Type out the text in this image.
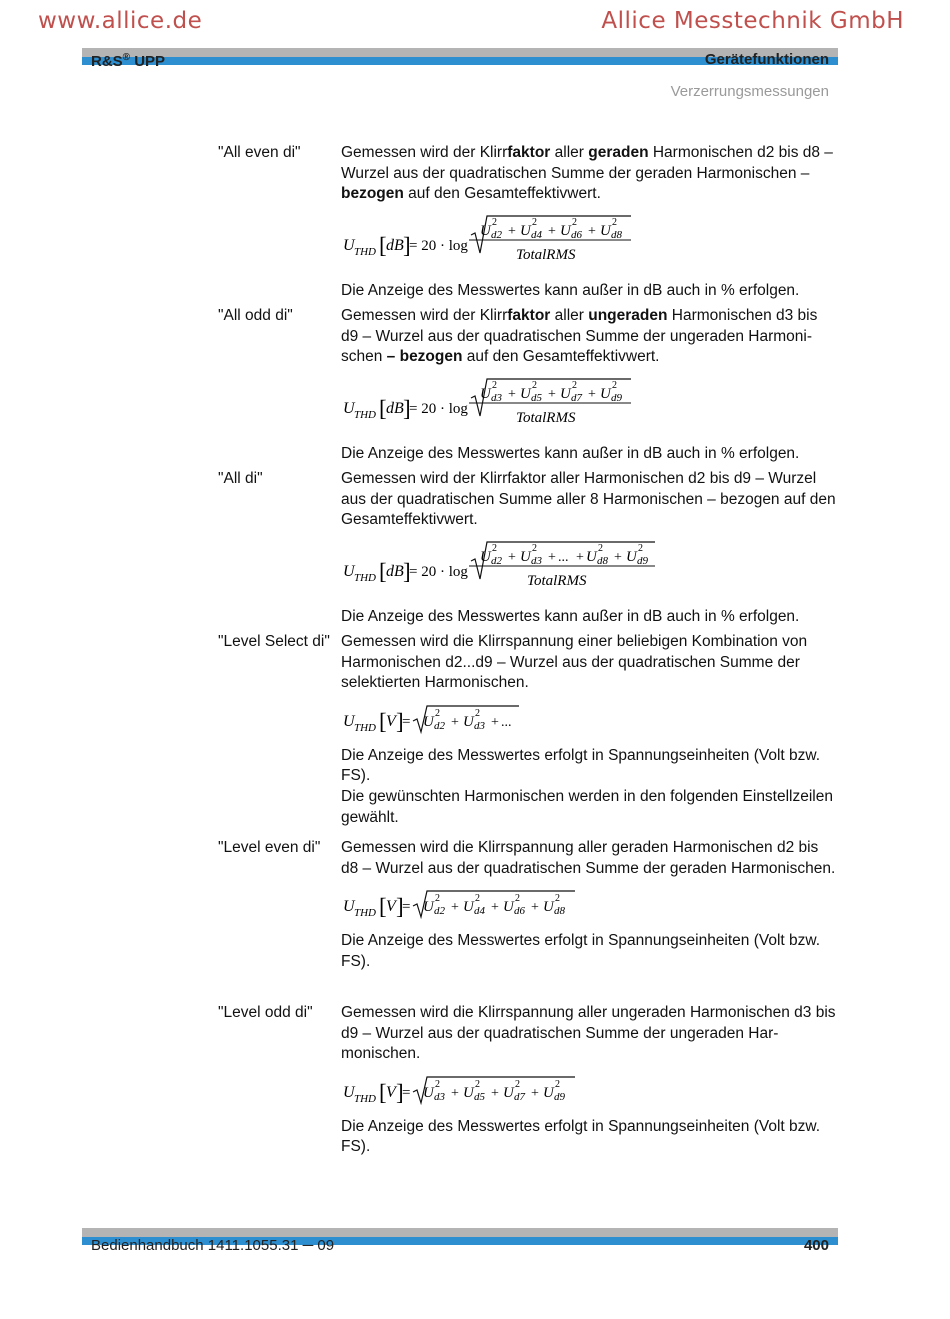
www.allice.de	Allice Messtechnik GmbH
R&S® UPP	Gerätefunktionen
Verzerrungsmessungen
"All even di"	Gemessen wird der Klirrfaktor aller geraden Harmonischen d2 bis d8 – Wurzel aus der quadratischen Summe der geraden Harmonischen – bezogen auf den Gesamteffektivwert.

U THD [ dB ]
= 20 · log
U
2
d2 + U
2
d4 + U
2
d6 + U
2
d8
TotalRMS

Die Anzeige des Messwertes kann außer in dB auch in % erfolgen.

"All odd di"	Gemessen wird der Klirrfaktor aller ungeraden Harmonischen d3 bis d9 – Wurzel aus der quadratischen Summe der ungeraden Harmonischen – bezogen auf den Gesamteffektivwert.

U THD [ dB ]
= 20 · log
U
2
d3 + U
2
d5 + U
2
d7 + U
2
d9
TotalRMS

Die Anzeige des Messwertes kann außer in dB auch in % erfolgen.

"All di"	Gemessen wird der Klirrfaktor aller Harmonischen d2 bis d9 – Wurzel aus der quadratischen Summe aller 8 Harmonischen – bezogen auf den Gesamteffektivwert.

U THD [ dB ]
= 20 · log
U
2
d2 + U
2
d3 + ... + U
2
d8 + U
2
d9
TotalRMS

Die Anzeige des Messwertes kann außer in dB auch in % erfolgen.

"Level Select di" Gemessen wird die Klirrspannung einer beliebigen Kombination von Harmonischen d2...d9 – Wurzel aus der quadratischen Summe der selektierten Harmonischen.

U THD [ V ]
= U
2
d2 + U
2
d3 + ...

Die Anzeige des Messwertes erfolgt in Spannungseinheiten (Volt bzw. FS).

Die gewünschten Harmonischen werden in den folgenden Einstellzeilen gewählt.

"Level even di"	Gemessen wird die Klirrspannung aller geraden Harmonischen d2 bis d8 – Wurzel aus der quadratischen Summe der geraden Harmonischen.

U THD [ V ]
= U
2
d2 + U
2
d4 + U
2
d6 + U
2
d8

Die Anzeige des Messwertes erfolgt in Spannungseinheiten (Volt bzw. FS).

"Level odd di"	Gemessen wird die Klirrspannung aller ungeraden Harmonischen d3 bis d9 – Wurzel aus der quadratischen Summe der ungeraden Harmonischen.

U THD [ V ]
= U
2
d3 + U
2
d5 + U
2
d7 + U
2
d9

Die Anzeige des Messwertes erfolgt in Spannungseinheiten (Volt bzw. FS).

Bedienhandbuch 1411.1055.31 ─ 09	400
